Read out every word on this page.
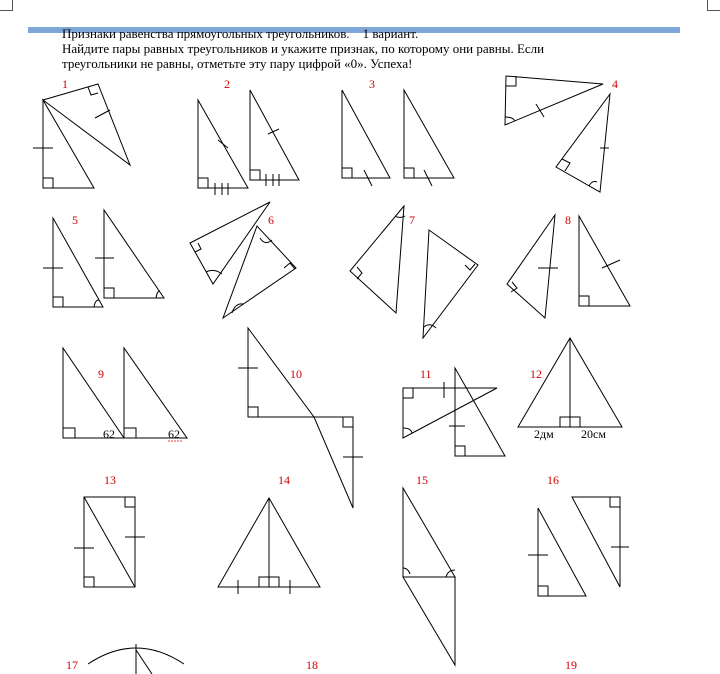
Признаки равенства прямоугольных треугольников. 1 вариант.
Найдите пары равных треугольников и укажите признак, по которому они равны. Если
треугольники не равны, отметьте эту пару цифрой «0». Успеха!
1	2	3	4
5	6	7	8
9
62	62
10	11	12
2дм 20см
13	14	15	16
17	18	19
